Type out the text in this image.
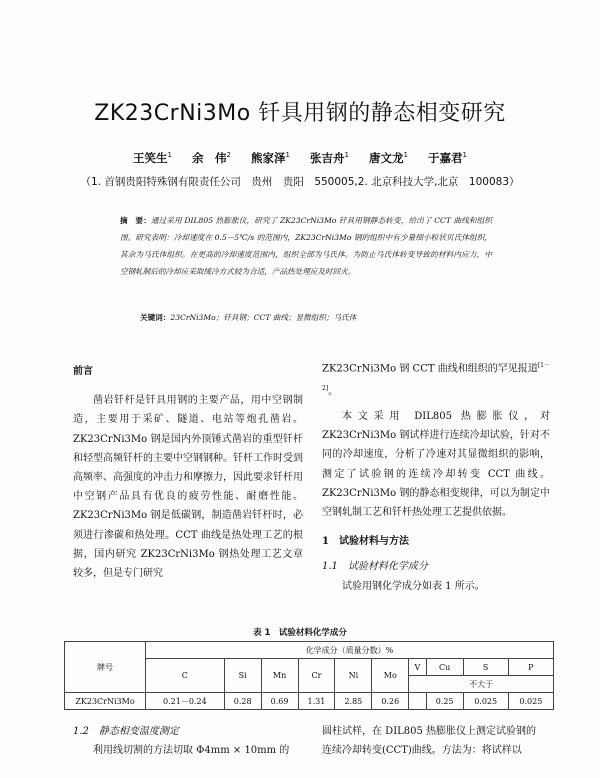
ZK23CrNi3Mo 钎具用钢的静态相变研究
王笑生$^1$ 余　伟$^2$ 熊家泽$^1$ 张吉舟$^1$ 唐文龙$^1$ 于嘉君$^1$
（1. 首钢贵阳特殊钢有限责任公司　贵州　贵阳　550005,2. 北京科技大学,北京　100083）
摘　要：通过采用 DIL805 热膨胀仪，研究了 ZK23CrNi3Mo 钎具用钢静态转变，给出了 CCT 曲线和组织图。研究表明：冷却速度在 0.5－5℃/s 的范围内，ZK23CrNi3Mo 钢的组织中有少量细小粒状贝氏体组织，其余为马氏体组织。在更高的冷却速度范围内，组织全部为马氏体。为防止马氏体转变导致的材料内应力，中空钢轧制后的冷却应采取缓冷方式较为合适，产品热处理应及时回火。
关键词：23CrNi3Mo；钎具钢；CCT 曲线；显微组织；马氏体

前言

凿岩钎杆是钎具用钢的主要产品，用中空钢制造，主要用于采矿、隧道、电站等炮孔凿岩。ZK23CrNi3Mo 钢是国内外顶锤式凿岩的重型钎杆和轻型高频钎杆的主要中空钢钢种。钎杆工作时受到高频率、高强度的冲击力和摩擦力，因此要求钎杆用中空钢产品具有优良的疲劳性能、耐磨性能。ZK23CrNi3Mo 钢是低碳钢，制造凿岩钎杆时，必须进行渗碳和热处理。CCT 曲线是热处理工艺的根据，国内研究 ZK23CrNi3Mo 钢热处理工艺文章较多，但是专门研究

ZK23CrNi3Mo 钢 CCT 曲线和组织的罕见报道[1－2]。

本文采用 DIL805 热膨胀仪，对 ZK23CrNi3Mo 钢试样进行连续冷却试验，针对不同的冷却速度，分析了冷速对其显微组织的影响，测定了试验钢的连续冷却转变 CCT 曲线。ZK23CrNi3Mo 钢的静态相变规律，可以为制定中空钢轧制工艺和钎杆热处理工艺提供依据。

1　试验材料与方法

1.1　试验材料化学成分

试验用钢化学成分如表 1 所示。

表 1　试验材料化学成分
牌号	化学成分（质量分数）%									
	C	Si	Mn	Cr	Ni	Mo	V	Cu	S	P
							不大于			
ZK23CrNi3Mo	0.21－0.24	0.28	0.69	1.31	2.85	0.26		0.25	0.025	0.025

1.2　静态相变温度测定

利用线切割的方法切取 Φ4mm × 10mm 的

圆柱试样，在 DIL805 热膨胀仪上测定试验钢的

连续冷却转变(CCT)曲线。方法为：将试样以
